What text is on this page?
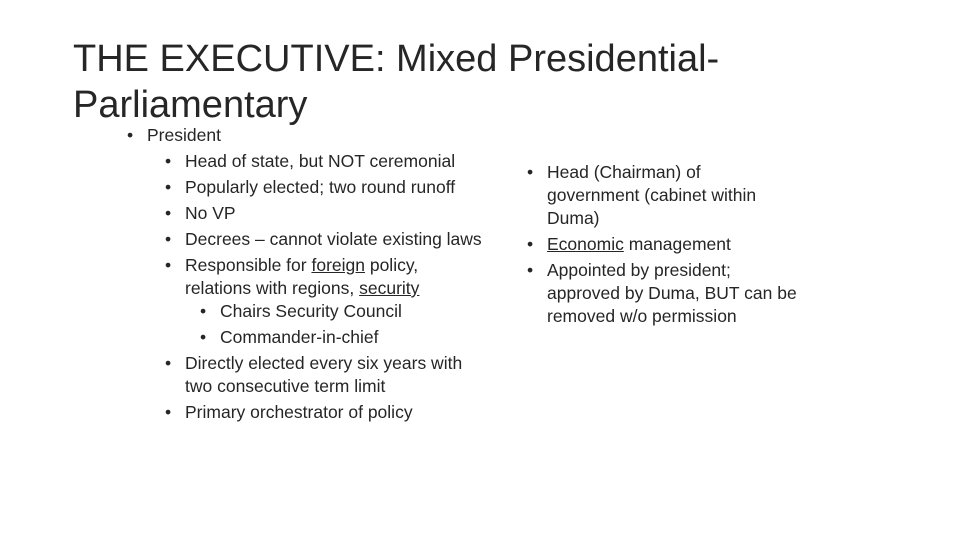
THE EXECUTIVE: Mixed Presidential-
Parliamentary
• President
• Head of state, but NOT ceremonial
• Popularly elected; two round runoff
• No VP
• Decrees – cannot violate existing laws
• Responsible for foreign policy,
relations with regions, security
• Chairs Security Council
• Commander-in-chief
• Directly elected every six years with
two consecutive term limit
• Primary orchestrator of policy
• Head (Chairman) of
government (cabinet within
Duma)
• Economic management
• Appointed by president;
approved by Duma, BUT can be
removed w/o permission
